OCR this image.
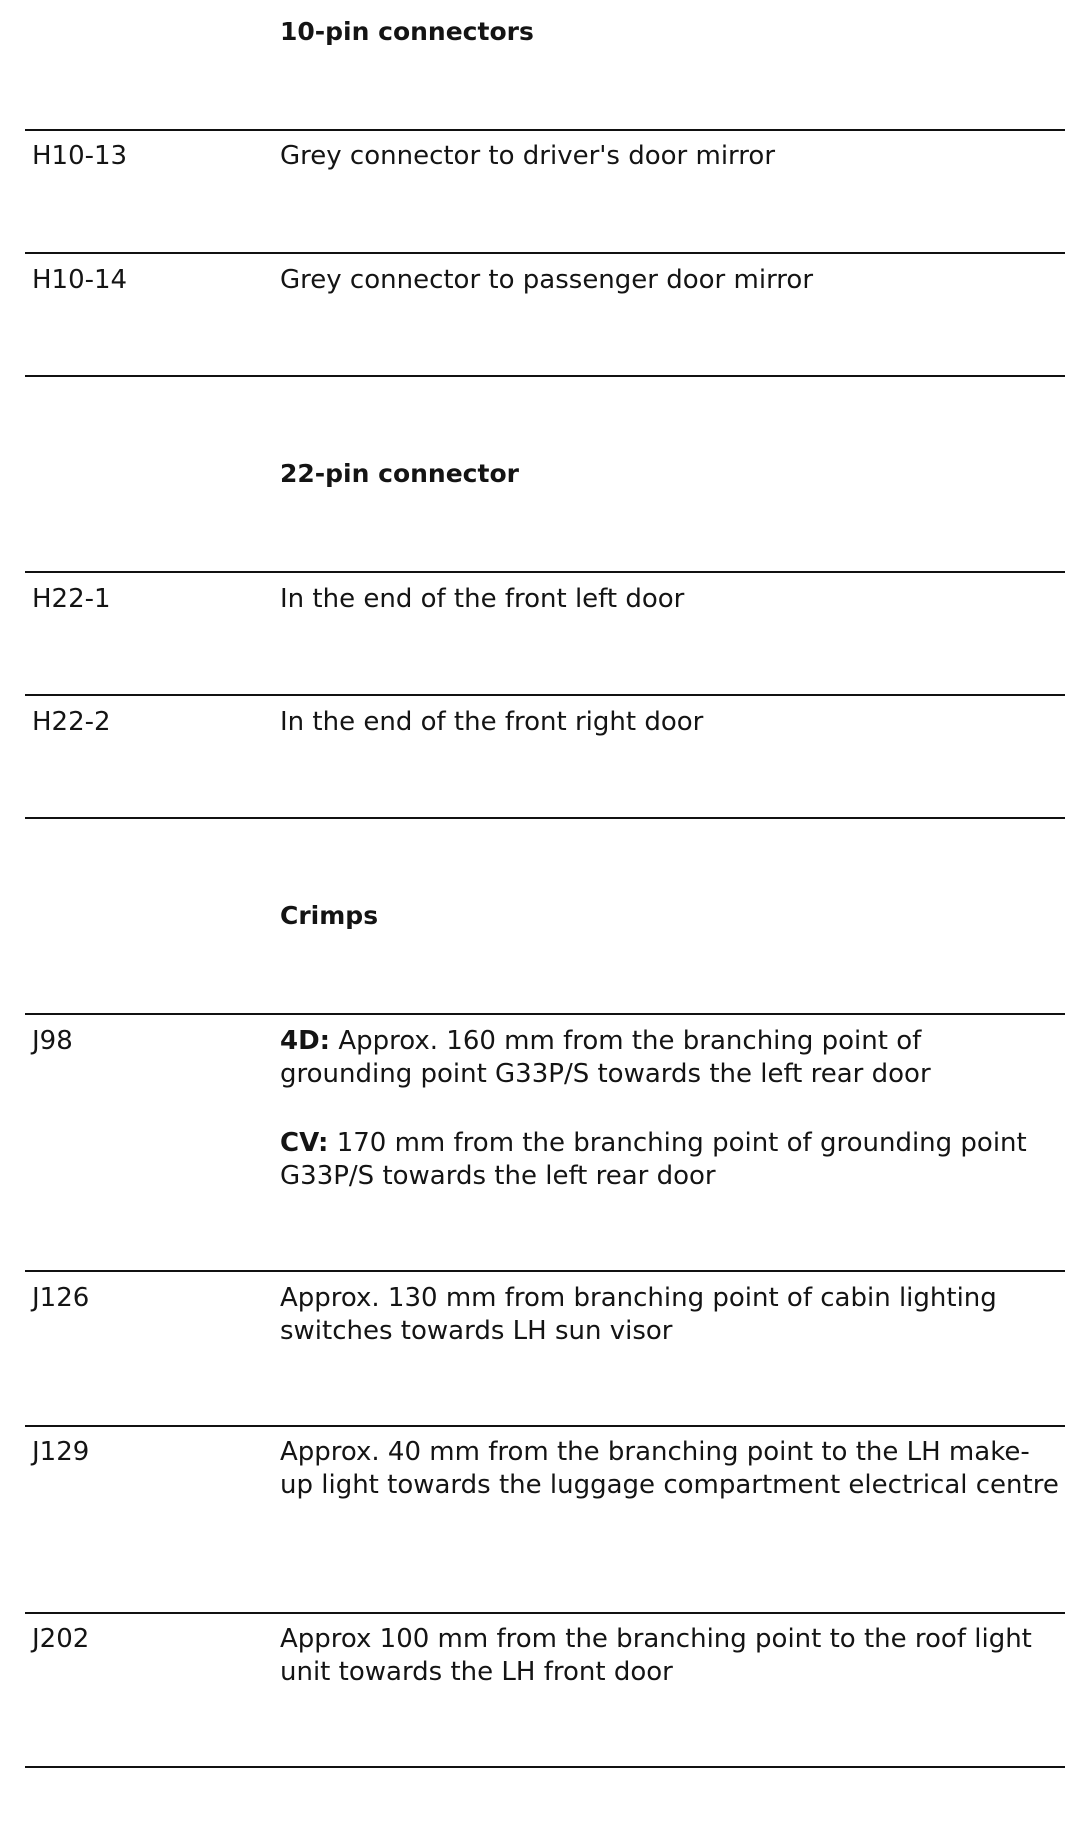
10-pin connectors
H10-13	Grey connector to driver's door mirror
H10-14	Grey connector to passenger door mirror
22-pin connector
H22-1	In the end of the front left door
H22-2	In the end of the front right door
Crimps
J98	4D: Approx. 160 mm from the branching point of grounding point G33P/S towards the left rear door

CV: 170 mm from the branching point of grounding point G33P/S towards the left rear door

J126	Approx. 130 mm from branching point of cabin lighting switches towards LH sun visor
J129	Approx. 40 mm from the branching point to the LH make-up light towards the luggage compartment electrical centre
J202	Approx 100 mm from the branching point to the roof light unit towards the LH front door
